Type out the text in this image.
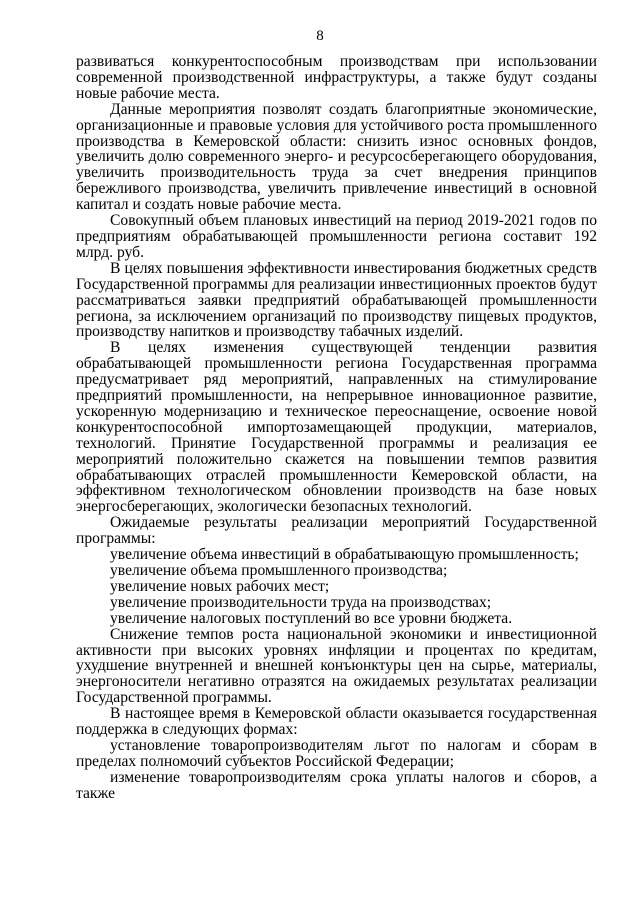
8

развиваться конкурентоспособным производствам при использовании современной производственной инфраструктуры, а также будут созданы новые рабочие места.

Данные мероприятия позволят создать благоприятные экономические, организационные и правовые условия для устойчивого роста промышленного производства в Кемеровской области: снизить износ основных фондов, увеличить долю современного энерго- и ресурсосберегающего оборудования, увеличить производительность труда за счет внедрения принципов бережливого производства, увеличить привлечение инвестиций в основной капитал и создать новые рабочие места.

Совокупный объем плановых инвестиций на период 2019-2021 годов по предприятиям обрабатывающей промышленности региона составит 192 млрд. руб.

В целях повышения эффективности инвестирования бюджетных средств Государственной программы для реализации инвестиционных проектов будут рассматриваться заявки предприятий обрабатывающей промышленности региона, за исключением организаций по производству пищевых продуктов, производству напитков и производству табачных изделий.

В целях изменения существующей тенденции развития обрабатывающей промышленности региона Государственная программа предусматривает ряд мероприятий, направленных на стимулирование предприятий промышленности, на непрерывное инновационное развитие, ускоренную модернизацию и техническое переоснащение, освоение новой конкурентоспособной импортозамещающей продукции, материалов, технологий. Принятие Государственной программы и реализация ее мероприятий положительно скажется на повышении темпов развития обрабатывающих отраслей промышленности Кемеровской области, на эффективном технологическом обновлении производств на базе новых энергосберегающих, экологически безопасных технологий.

Ожидаемые результаты реализации мероприятий Государственной программы:

увеличение объема инвестиций в обрабатывающую промышленность;

увеличение объема промышленного производства;

увеличение новых рабочих мест;

увеличение производительности труда на производствах;

увеличение налоговых поступлений во все уровни бюджета.

Снижение темпов роста национальной экономики и инвестиционной активности при высоких уровнях инфляции и процентах по кредитам, ухудшение внутренней и внешней конъюнктуры цен на сырье, материалы, энергоносители негативно отразятся на ожидаемых результатах реализации Государственной программы.

В настоящее время в Кемеровской области оказывается государственная поддержка в следующих формах:

установление товаропроизводителям льгот по налогам и сборам в пределах полномочий субъектов Российской Федерации;

изменение товаропроизводителям срока уплаты налогов и сборов, а также
